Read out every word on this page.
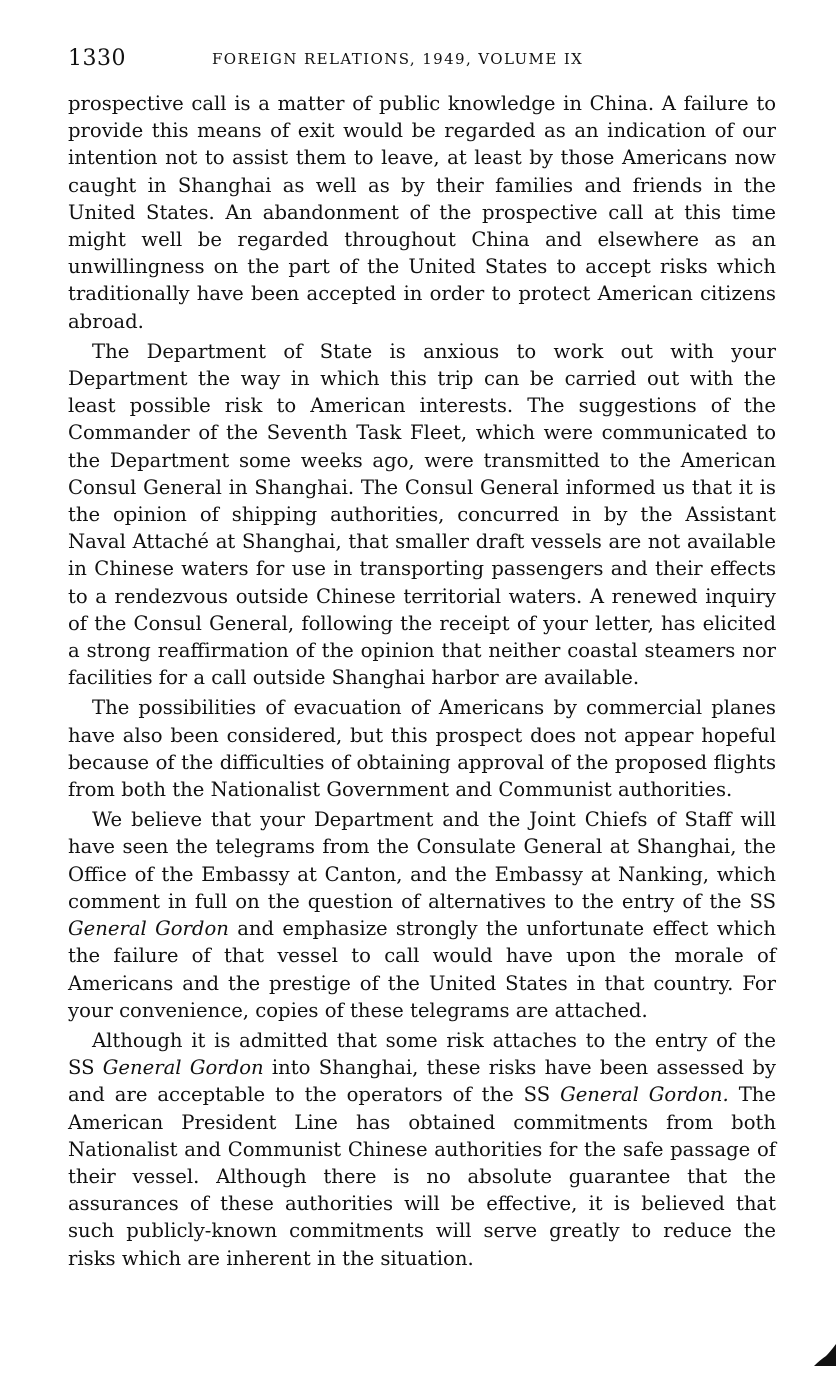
1330	FOREIGN RELATIONS, 1949, VOLUME IX

prospective call is a matter of public knowledge in China. A failure to provide this means of exit would be regarded as an indication of our intention not to assist them to leave, at least by those Americans now caught in Shanghai as well as by their families and friends in the United States. An abandonment of the prospective call at this time might well be regarded throughout China and elsewhere as an unwillingness on the part of the United States to accept risks which traditionally have been accepted in order to protect American citizens abroad.

The Department of State is anxious to work out with your Department the way in which this trip can be carried out with the least possible risk to American interests. The suggestions of the Commander of the Seventh Task Fleet, which were communicated to the Department some weeks ago, were transmitted to the American Consul General in Shanghai. The Consul General informed us that it is the opinion of shipping authorities, concurred in by the Assistant Naval Attaché at Shanghai, that smaller draft vessels are not available in Chinese waters for use in transporting passengers and their effects to a rendezvous outside Chinese territorial waters. A renewed inquiry of the Consul General, following the receipt of your letter, has elicited a strong reaffirmation of the opinion that neither coastal steamers nor facilities for a call outside Shanghai harbor are available.

The possibilities of evacuation of Americans by commercial planes have also been considered, but this prospect does not appear hopeful because of the difficulties of obtaining approval of the proposed flights from both the Nationalist Government and Communist authorities.

We believe that your Department and the Joint Chiefs of Staff will have seen the telegrams from the Consulate General at Shanghai, the Office of the Embassy at Canton, and the Embassy at Nanking, which comment in full on the question of alternatives to the entry of the SS General Gordon and emphasize strongly the unfortunate effect which the failure of that vessel to call would have upon the morale of Americans and the prestige of the United States in that country. For your convenience, copies of these telegrams are attached.

Although it is admitted that some risk attaches to the entry of the SS General Gordon into Shanghai, these risks have been assessed by and are acceptable to the operators of the SS General Gordon. The American President Line has obtained commitments from both Nationalist and Communist Chinese authorities for the safe passage of their vessel. Although there is no absolute guarantee that the assurances of these authorities will be effective, it is believed that such publicly-known commitments will serve greatly to reduce the risks which are inherent in the situation.
